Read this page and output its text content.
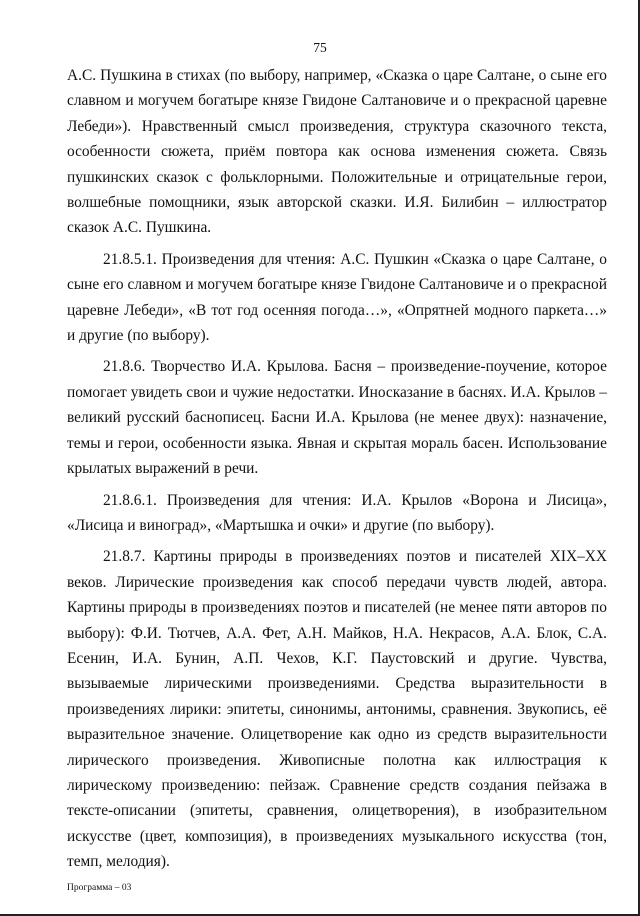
75

А.С. Пушкина в стихах (по выбору, например, «Сказка о царе Салтане, о сыне его славном и могучем богатыре князе Гвидоне Салтановиче и о прекрасной царевне Лебеди»). Нравственный смысл произведения, структура сказочного текста, особенности сюжета, приём повтора как основа изменения сюжета. Связь пушкинских сказок с фольклорными. Положительные и отрицательные герои, волшебные помощники, язык авторской сказки. И.Я. Билибин – иллюстратор сказок А.С. Пушкина.

21.8.5.1. Произведения для чтения: А.С. Пушкин «Сказка о царе Салтане, о сыне его славном и могучем богатыре князе Гвидоне Салтановиче и о прекрасной царевне Лебеди», «В тот год осенняя погода…», «Опрятней модного паркета…» и другие (по выбору).

21.8.6. Творчество И.А. Крылова. Басня – произведение-поучение, которое помогает увидеть свои и чужие недостатки. Иносказание в баснях. И.А. Крылов – великий русский баснописец. Басни И.А. Крылова (не менее двух): назначение, темы и герои, особенности языка. Явная и скрытая мораль басен. Использование крылатых выражений в речи.

21.8.6.1. Произведения для чтения: И.А. Крылов «Ворона и Лисица», «Лисица и виноград», «Мартышка и очки» и другие (по выбору).

21.8.7. Картины природы в произведениях поэтов и писателей XIX–XX веков. Лирические произведения как способ передачи чувств людей, автора. Картины природы в произведениях поэтов и писателей (не менее пяти авторов по выбору): Ф.И. Тютчев, А.А. Фет, А.Н. Майков, Н.А. Некрасов, А.А. Блок, С.А. Есенин, И.А. Бунин, А.П. Чехов, К.Г. Паустовский и другие. Чувства, вызываемые лирическими произведениями. Средства выразительности в произведениях лирики: эпитеты, синонимы, антонимы, сравнения. Звукопись, её выразительное значение. Олицетворение как одно из средств выразительности лирического произведения. Живописные полотна как иллюстрация к лирическому произведению: пейзаж. Сравнение средств создания пейзажа в тексте-описании (эпитеты, сравнения, олицетворения), в изобразительном искусстве (цвет, композиция), в произведениях музыкального искусства (тон, темп, мелодия).

Программа – 03
